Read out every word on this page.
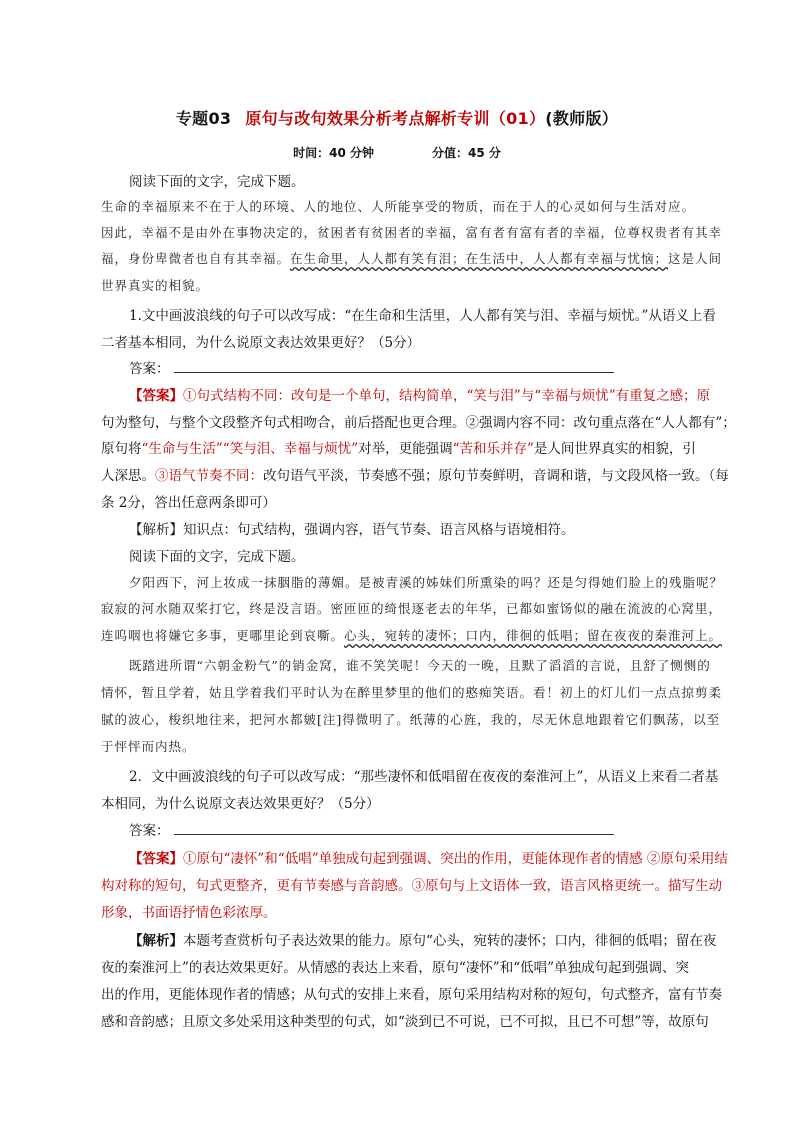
专题03 原句与改句效果分析考点解析专训（01）(教师版）
时间：40 分钟	分值：45 分
阅读下面的文字，完成下题。
生命的幸福原来不在于人的环境、人的地位、人所能享受的物质，而在于人的心灵如何与生活对应。
因此，幸福不是由外在事物决定的，贫困者有贫困者的幸福，富有者有富有者的幸福，位尊权贵者有其幸
福，身份卑微者也自有其幸福。在生命里，人人都有笑有泪；在生活中，人人都有幸福与忧恼；这是人间
世界真实的相貌。
1.文中画波浪线的句子可以改写成：“在生命和生活里，人人都有笑与泪、幸福与烦忧。”从语义上看
二者基本相同，为什么说原文表达效果更好？（5分）
答案：
【答案】①句式结构不同：改句是一个单句，结构简单，“笑与泪”与“幸福与烦忧”有重复之感；原
句为整句，与整个文段整齐句式相吻合，前后搭配也更合理。②强调内容不同：改句重点落在“人人都有”；
原句将“生命与生活”“笑与泪、幸福与烦忧”对举，更能强调“苦和乐并存”是人间世界真实的相貌，引
人深思。③语气节奏不同：改句语气平淡，节奏感不强；原句节奏鲜明，音调和谐，与文段风格一致。（每
条 2分，答出任意两条即可）
【解析】知识点：句式结构，强调内容，语气节奏、语言风格与语境相符。
阅读下面的文字，完成下题。
夕阳西下，河上妆成一抹胭脂的薄媚。是被青溪的姊妹们所熏染的吗？还是匀得她们脸上的残脂呢？
寂寂的河水随双桨打它，终是没言语。密匝匝的绮恨逐老去的年华，已都如蜜饧似的融在流波的心窝里，
连呜咽也将嫌它多事，更哪里论到哀嘶。心头，宛转的凄怀；口内，徘徊的低唱；留在夜夜的秦淮河上。
既踏进所谓“六朝金粉气”的销金窝，谁不笑笑呢！今天的一晚，且默了滔滔的言说，且舒了恻恻的
情怀，暂且学着，姑且学着我们平时认为在醉里梦里的他们的憨痴笑语。看！初上的灯儿们一点点掠剪柔
腻的波心，梭织地往来，把河水都皴[注]得微明了。纸薄的心旌，我的，尽无休息地跟着它们飘荡，以至
于怦怦而内热。
2．文中画波浪线的句子可以改写成：“那些凄怀和低唱留在夜夜的秦淮河上”，从语义上来看二者基
本相同，为什么说原文表达效果更好？（5分）
答案：
【答案】①原句“凄怀”和“低唱”单独成句起到强调、突出的作用，更能体现作者的情感 ②原句采用结
构对称的短句，句式更整齐，更有节奏感与音韵感。③原句与上文语体一致，语言风格更统一。描写生动
形象，书面语抒情色彩浓厚。
【解析】本题考查赏析句子表达效果的能力。原句“心头，宛转的凄怀；口内，徘徊的低唱；留在夜
夜的秦淮河上”的表达效果更好。从情感的表达上来看，原句“凄怀”和“低唱”单独成句起到强调、突
出的作用，更能体现作者的情感；从句式的安排上来看，原句采用结构对称的短句，句式整齐，富有节奏
感和音韵感；且原文多处采用这种类型的句式，如“淡到已不可说，已不可拟，且已不可想”等，故原句
